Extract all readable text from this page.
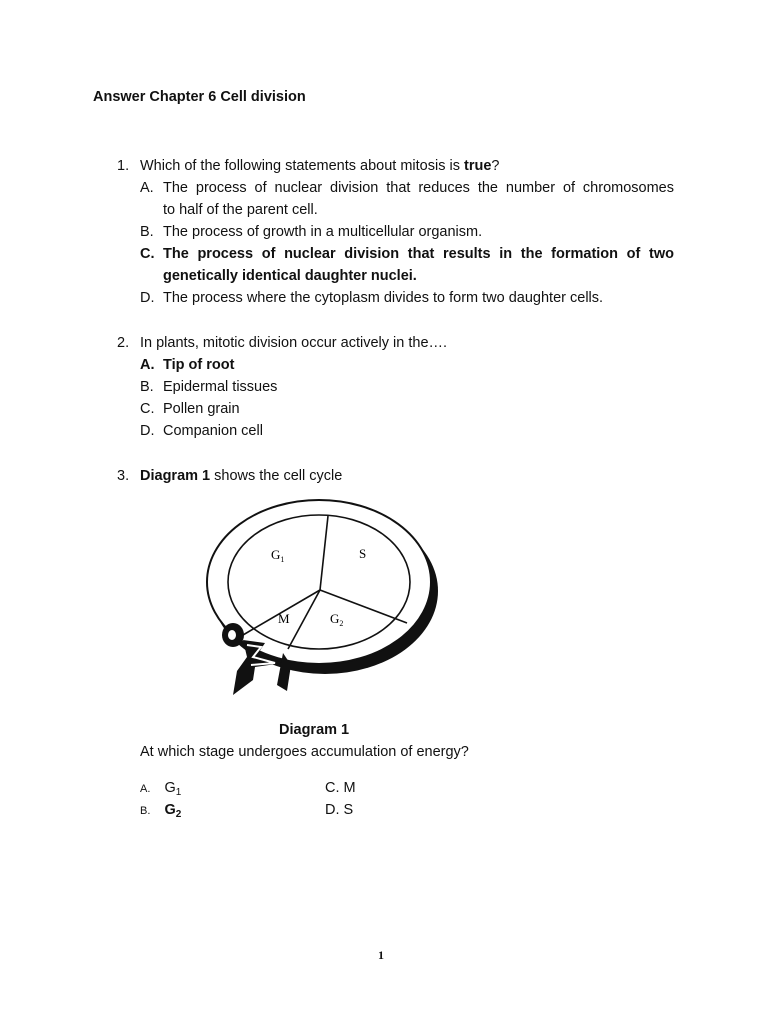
Answer Chapter 6 Cell division
1. Which of the following statements about mitosis is true?
A. The process of nuclear division that reduces the number of chromosomes
to half of the parent cell.
B. The process of growth in a multicellular organism.
C. The process of nuclear division that results in the formation of two
genetically identical daughter nuclei.
D. The process where the cytoplasm divides to form two daughter cells.
2. In plants, mitotic division occur actively in the….
A. Tip of root
B. Epidermal tissues
C. Pollen grain
D. Companion cell
3. Diagram 1 shows the cell cycle
$G_1$	S
M	$G_2$
Diagram 1
At which stage undergoes accumulation of energy?
A. $G_1$
B. $G_2$
C. M
D. S
1
